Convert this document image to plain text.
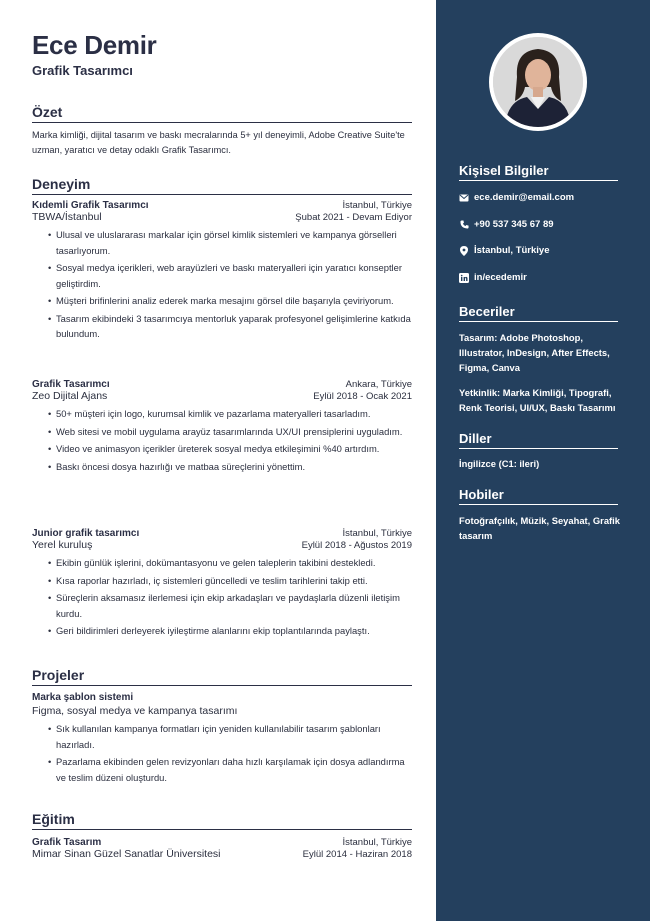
Ece Demir
Grafik Tasarımcı
Özet
Marka kimliği, dijital tasarım ve baskı mecralarında 5+ yıl deneyimli, Adobe Creative Suite'te uzman, yaratıcı ve detay odaklı Grafik Tasarımcı.
Deneyim
Kıdemli Grafik Tasarımcı	İstanbul, Türkiye
TBWA/İstanbul	Şubat 2021 - Devam Ediyor
• Ulusal ve uluslararası markalar için görsel kimlik sistemleri ve kampanya görselleri tasarlıyorum.
• Sosyal medya içerikleri, web arayüzleri ve baskı materyalleri için yaratıcı konseptler geliştirdim.
• Müşteri brifinlerini analiz ederek marka mesajını görsel dile başarıyla çeviriyorum.
• Tasarım ekibindeki 3 tasarımcıya mentorluk yaparak profesyonel gelişimlerine katkıda bulundum.
Grafik Tasarımcı	Ankara, Türkiye
Zeo Dijital Ajans	Eylül 2018 - Ocak 2021
• 50+ müşteri için logo, kurumsal kimlik ve pazarlama materyalleri tasarladım.
• Web sitesi ve mobil uygulama arayüz tasarımlarında UX/UI prensiplerini uyguladım.
• Video ve animasyon içerikler üreterek sosyal medya etkileşimini %40 artırdım.
• Baskı öncesi dosya hazırlığı ve matbaa süreçlerini yönettim.
Junior grafik tasarımcı	İstanbul, Türkiye
Yerel kuruluş	Eylül 2018 - Ağustos 2019
• Ekibin günlük işlerini, dokümantasyonu ve gelen taleplerin takibini destekledi.
• Kısa raporlar hazırladı, iç sistemleri güncelledi ve teslim tarihlerini takip etti.
• Süreçlerin aksamasız ilerlemesi için ekip arkadaşları ve paydaşlarla düzenli iletişim kurdu.
• Geri bildirimleri derleyerek iyileştirme alanlarını ekip toplantılarında paylaştı.
Projeler
Marka şablon sistemi
Figma, sosyal medya ve kampanya tasarımı
• Sık kullanılan kampanya formatları için yeniden kullanılabilir tasarım şablonları hazırladı.
• Pazarlama ekibinden gelen revizyonları daha hızlı karşılamak için dosya adlandırma ve teslim düzeni oluşturdu.
Eğitim
Grafik Tasarım	İstanbul, Türkiye
Mimar Sinan Güzel Sanatlar Üniversitesi	Eylül 2014 - Haziran 2018
Kişisel Bilgiler
ece.demir@email.com
+90 537 345 67 89
İstanbul, Türkiye
in/ecedemir
Beceriler
Tasarım: Adobe Photoshop, Illustrator, InDesign, After Effects, Figma, Canva
Yetkinlik: Marka Kimliği, Tipografi, Renk Teorisi, UI/UX, Baskı Tasarımı
Diller
İngilizce (C1: ileri)
Hobiler
Fotoğrafçılık, Müzik, Seyahat, Grafik tasarım
